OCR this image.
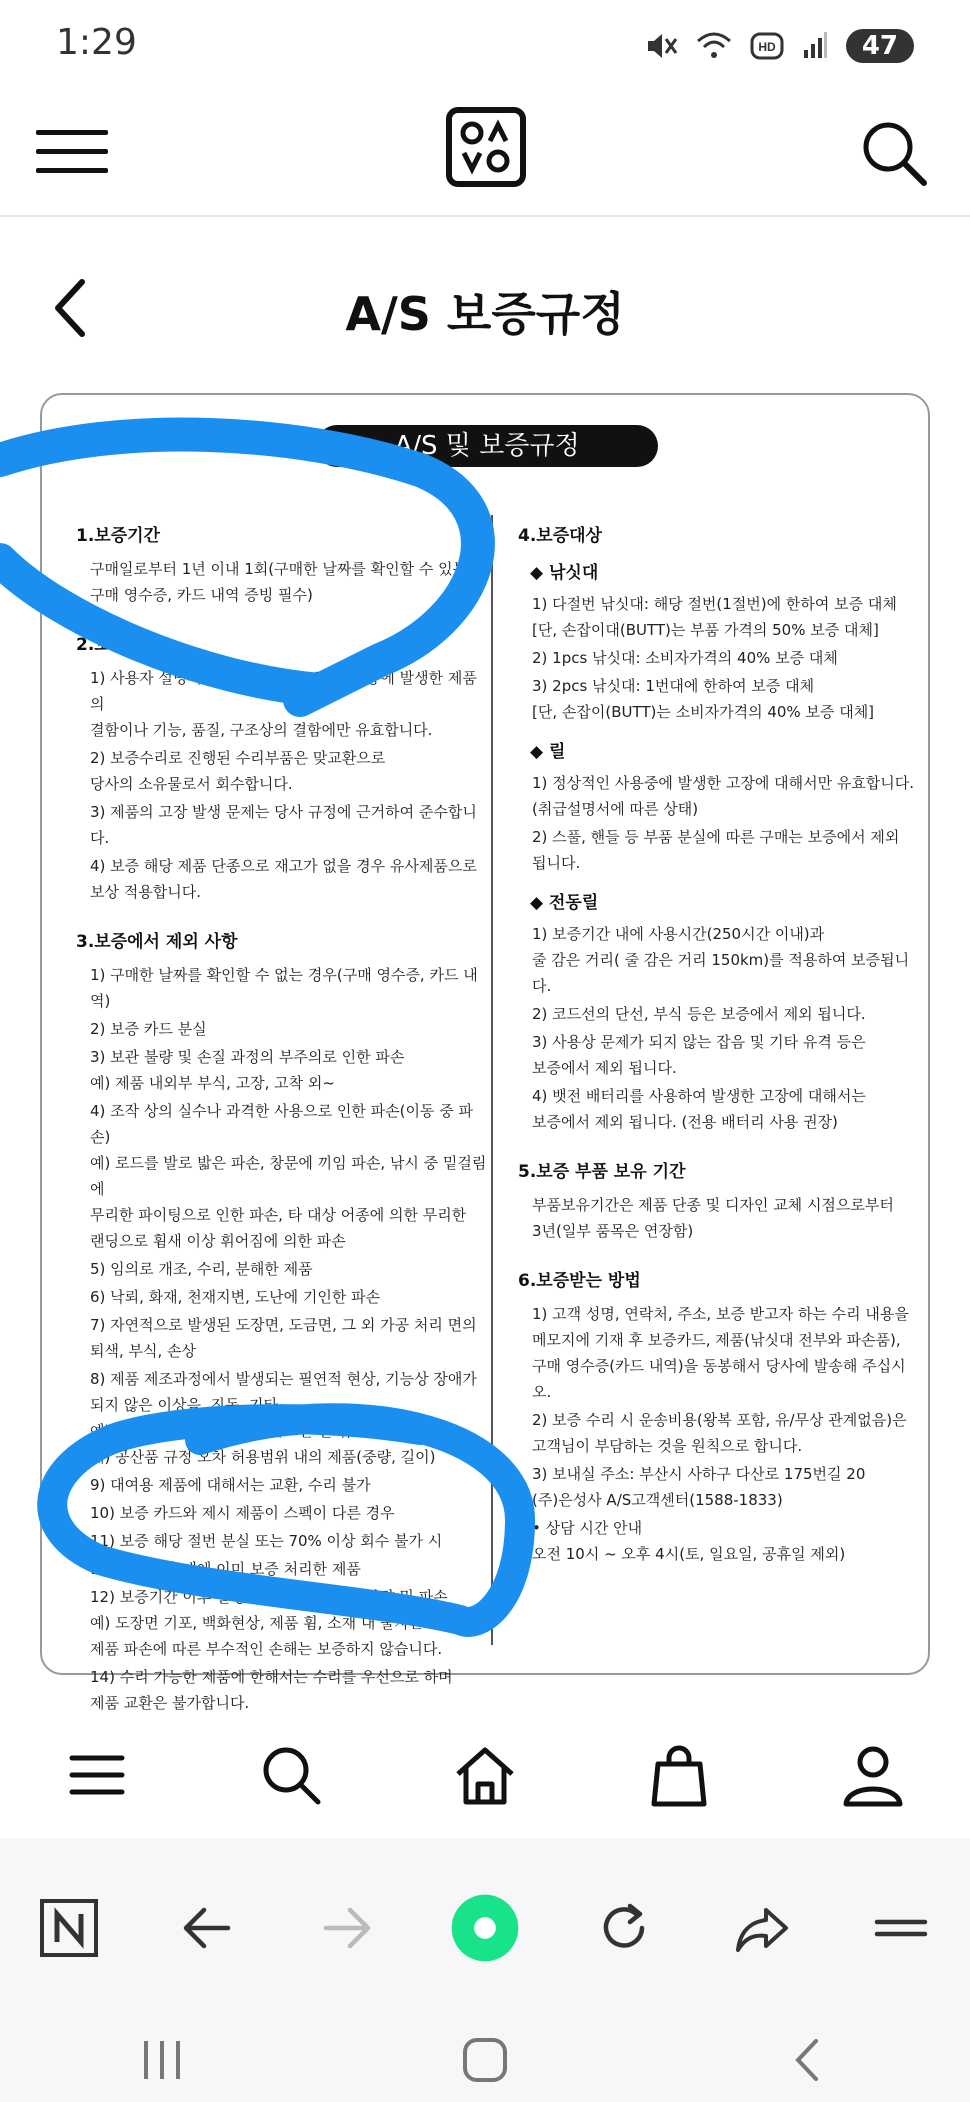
1:29	HD	47
A/S 보증규정
A/S 및 보증규정
1.보증기간
구매일로부터 1년 이내 1회(구매한 날짜를 확인할 수 있는
구매 영수증, 카드 내역 증빙 필수)
2.보증사항
1) 사용자 설명서에 따라 정상적으로 사용 중에 발생한 제품의
결함이나 기능, 품질, 구조상의 결함에만 유효합니다.
2) 보증수리로 진행된 수리부품은 맞교환으로
당사의 소유물로서 회수합니다.
3) 제품의 고장 발생 문제는 당사 규정에 근거하여 준수합니다.
4) 보증 해당 제품 단종으로 재고가 없을 경우 유사제품으로
보상 적용합니다.
3.보증에서 제외 사항
1) 구매한 날짜를 확인할 수 없는 경우(구매 영수증, 카드 내역)
2) 보증 카드 분실
3) 보관 불량 및 손질 과정의 부주의로 인한 파손
예) 제품 내외부 부식, 고장, 고착 외~
4) 조작 상의 실수나 과격한 사용으로 인한 파손(이동 중 파손)
예) 로드를 발로 밟은 파손, 창문에 끼임 파손, 낚시 중 밑걸림에
무리한 파이팅으로 인한 파손, 타 대상 어종에 의한 무리한
랜딩으로 휨새 이상 휘어짐에 의한 파손
5) 임의로 개조, 수리, 분해한 제품
6) 낙뢰, 화재, 천재지변, 도난에 기인한 파손
7) 자연적으로 발생된 도장면, 도금면, 그 외 가공 처리 면의
퇴색, 부식, 손상
8) 제품 제조과정에서 발생되는 필연적 현상, 기능상 장애가
되지 않은 이상음, 진동, 기타~
예) 미세한 휨, 이음 부위의 과도한 밀착, 기타~
예) 공산품 규정 오차 허용범위 내의 제품(중량, 길이)
9) 대여용 제품에 대해서는 교환, 수리 불가
10) 보증 카드와 제시 제품이 스펙이 다른 경우
11) 보증 해당 절번 분실 또는 70% 이상 회수 불가 시
11) 보증기간 내에 이미 보증 처리한 제품
12) 보증기간 이후 발생된 불량 또는 성능 불량 및 파손
예) 도장면 기포, 백화현상, 제품 휨, 소재 내 물자는 현상 외~
제품 파손에 따른 부수적인 손해는 보증하지 않습니다.
14) 수리 가능한 제품에 한해서는 수리를 우선으로 하며
제품 교환은 불가합니다.
4.보증대상
◆ 낚싯대
1) 다절번 낚싯대: 해당 절번(1절번)에 한하여 보증 대체
[단, 손잡이대(BUTT)는 부품 가격의 50% 보증 대체]
2) 1pcs 낚싯대: 소비자가격의 40% 보증 대체
3) 2pcs 낚싯대: 1번대에 한하여 보증 대체
[단, 손잡이(BUTT)는 소비자가격의 40% 보증 대체]
◆ 릴
1) 정상적인 사용중에 발생한 고장에 대해서만 유효합니다.
(취급설명서에 따른 상태)
2) 스풀, 핸들 등 부품 분실에 따른 구매는 보증에서 제외 됩니다.
◆ 전동릴
1) 보증기간 내에 사용시간(250시간 이내)과
줄 감은 거리( 줄 감은 거리 150km)를 적용하여 보증됩니다.
2) 코드선의 단선, 부식 등은 보증에서 제외 됩니다.
3) 사용상 문제가 되지 않는 잡음 및 기타 유격 등은
보증에서 제외 됩니다.
4) 뱃전 배터리를 사용하여 발생한 고장에 대해서는
보증에서 제외 됩니다. (전용 배터리 사용 권장)
5.보증 부품 보유 기간
부품보유기간은 제품 단종 및 디자인 교체 시점으로부터
3년(일부 품목은 연장함)
6.보증받는 방법
1) 고객 성명, 연락처, 주소, 보증 받고자 하는 수리 내용을
메모지에 기재 후 보증카드, 제품(낚싯대 전부와 파손품),
구매 영수증(카드 내역)을 동봉해서 당사에 발송해 주십시오.
2) 보증 수리 시 운송비용(왕복 포함, 유/무상 관계없음)은
고객님이 부담하는 것을 원칙으로 합니다.
3) 보내실 주소: 부산시 사하구 다산로 175번길 20
(주)은성사 A/S고객센터(1588-1833)
• 상담 시간 안내
오전 10시 ~ 오후 4시(토, 일요일, 공휴일 제외)
